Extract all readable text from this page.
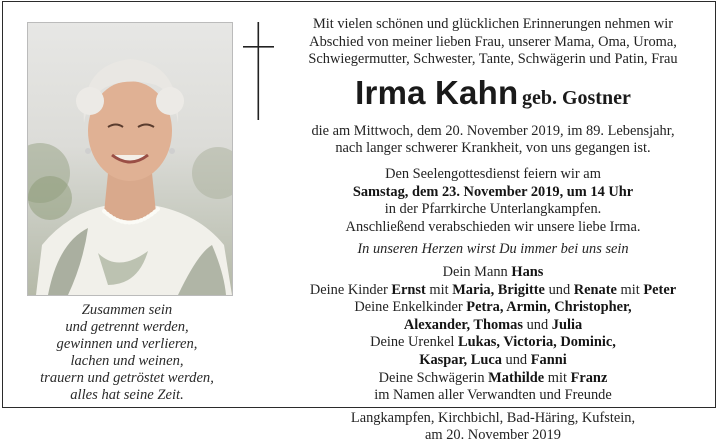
Zusammen sein
und getrennt werden,
gewinnen und verlieren,
lachen und weinen,
trauern und getröstet werden,
alles hat seine Zeit.
Mit vielen schönen und glücklichen Erinnerungen nehmen wir
Abschied von meiner lieben Frau, unserer Mama, Oma, Uroma,
Schwiegermutter, Schwester, Tante, Schwägerin und Patin, Frau
Irma Kahn geb. Gostner
die am Mittwoch, dem 20. November 2019, im 89. Lebensjahr,
nach langer schwerer Krankheit, von uns gegangen ist.
Den Seelengottesdienst feiern wir am
Samstag, dem 23. November 2019, um 14 Uhr
in der Pfarrkirche Unterlangkampfen.
Anschließend verabschieden wir unsere liebe Irma.
In unseren Herzen wirst Du immer bei uns sein
Dein Mann Hans
Deine Kinder Ernst mit Maria, Brigitte und Renate mit Peter
Deine Enkelkinder Petra, Armin, Christopher,
Alexander, Thomas und Julia
Deine Urenkel Lukas, Victoria, Dominic,
Kaspar, Luca und Fanni
Deine Schwägerin Mathilde mit Franz
im Namen aller Verwandten und Freunde
Langkampfen, Kirchbichl, Bad-Häring, Kufstein,
am 20. November 2019
